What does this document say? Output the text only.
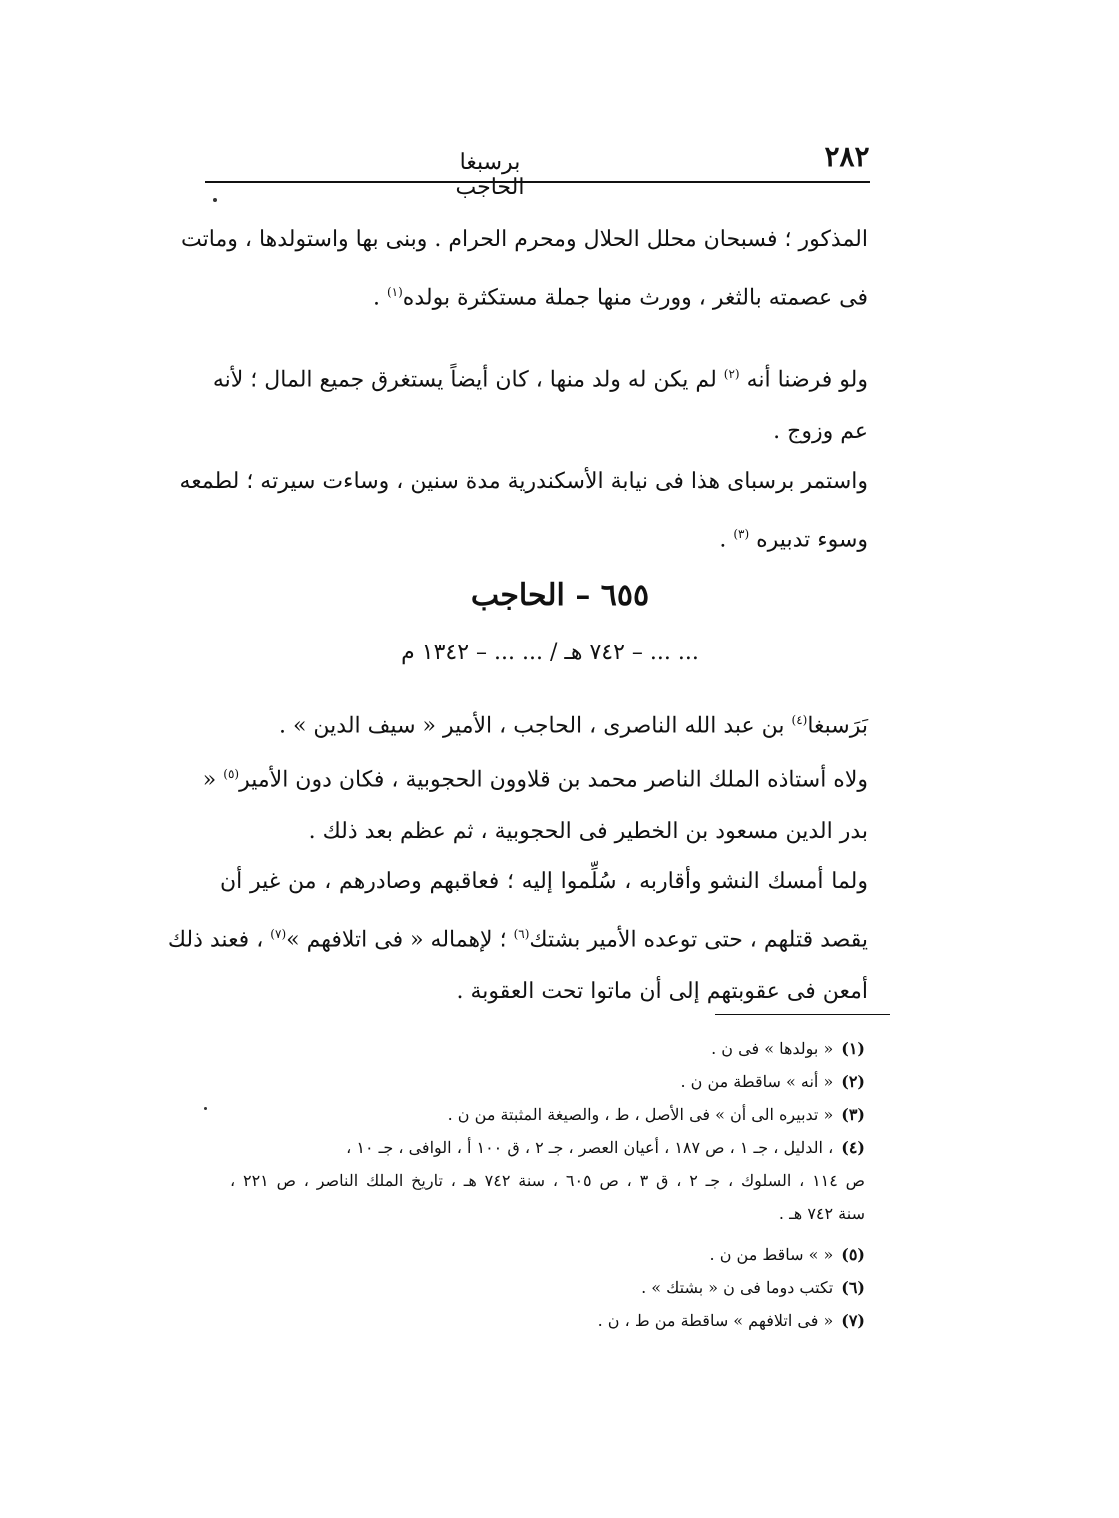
٢٨٢
برسبغا الحاجب
المذكور ؛ فسبحان محلل الحلال ومحرم الحرام . وبنى بها واستولدها ، وماتت
فى عصمته بالثغر ، وورث منها جملة مستكثرة بولده$^{(١)}$ .
ولو فرضنا أنه $^{(٢)}$ لم يكن له ولد منها ، كان أيضاً يستغرق جميع المال ؛ لأنه
عم وزوج .
واستمر برسباى هذا فى نيابة الأسكندرية مدة سنين ، وساءت سيرته ؛ لطمعه
وسوء تدبيره $^{(٣)}$ .
٦٥٥ – الحاجب
... ... – ٧٤٢ هـ / ... ... – ١٣٤٢ م
بَرَسبغا$^{(٤)}$ بن عبد الله الناصرى ، الحاجب ، الأمير « سيف الدين » .
ولاه أستاذه الملك الناصر محمد بن قلاوون الحجوبية ، فكان دون الأمير$^{(٥)}$ «
بدر الدين مسعود بن الخطير فى الحجوبية ، ثم عظم بعد ذلك .
ولما أمسك النشو وأقاربه ، سُلِّموا إليه ؛ فعاقبهم وصادرهم ، من غير أن
يقصد قتلهم ، حتى توعده الأمير بشتك$^{(٦)}$ ؛ لإهماله « فى اتلافهم »$^{(٧)}$ ، فعند ذلك
أمعن فى عقوبتهم إلى أن ماتوا تحت العقوبة .
(١)« بولدها » فى ن .
(٢)« أنه » ساقطة من ن .
(٣)« تدبيره الى أن » فى الأصل ، ط ، والصيغة المثبتة من ن .
(٤)، الدليل ، جـ ١ ، ص ١٨٧ ، أعيان العصر ، جـ ٢ ، ق ١٠٠ أ ، الوافى ، جـ ١٠ ،
ص ١١٤ ، السلوك ، جـ ٢ ، ق ٣ ، ص ٦٠٥ ، سنة ٧٤٢ هـ ، تاريخ الملك الناصر ، ص ٢٢١ ،
سنة ٧٤٢ هـ .
(٥)« » ساقط من ن .
(٦)تكتب دوما فى ن « بشتك » .
(٧)« فى اتلافهم » ساقطة من ط ، ن .
